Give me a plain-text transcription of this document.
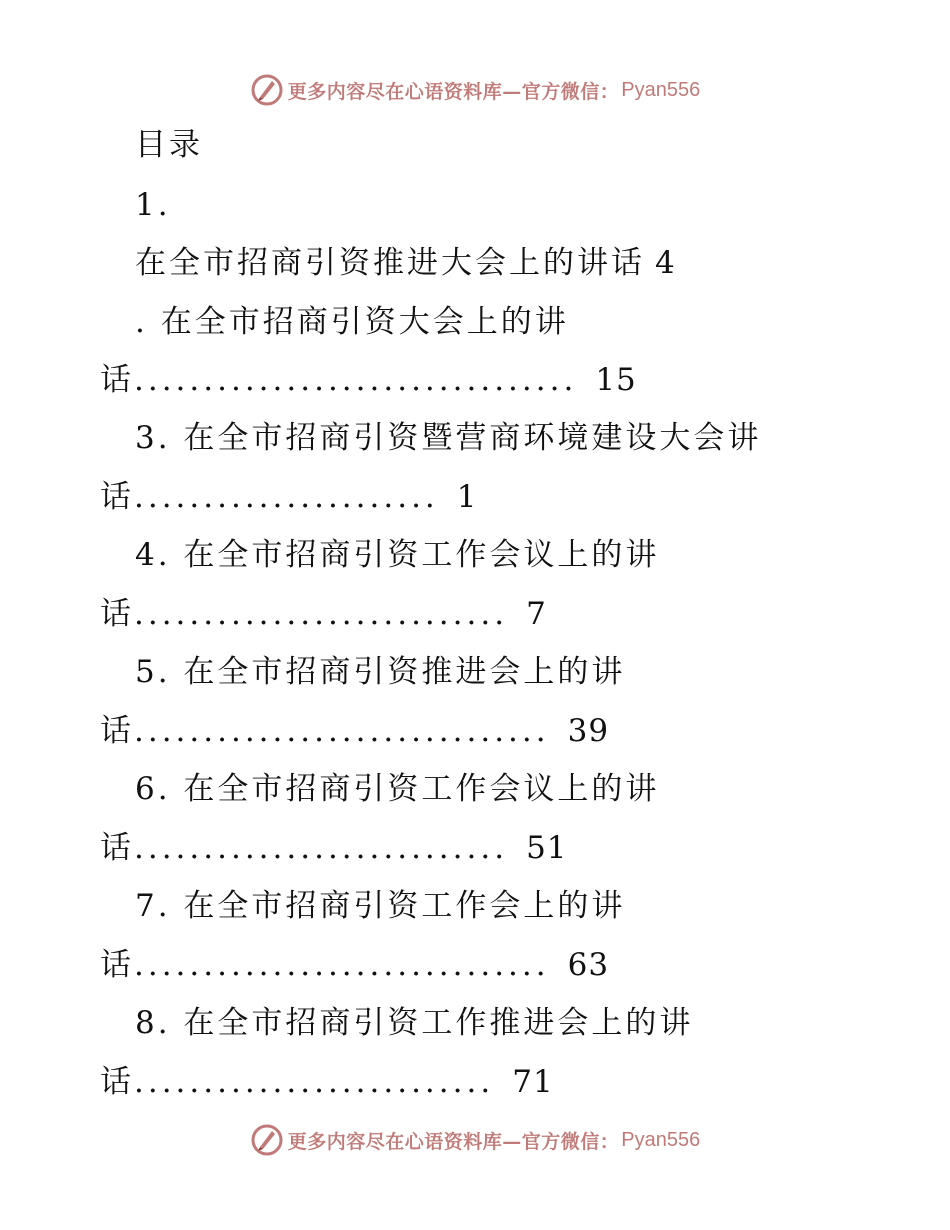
更多内容尽在心语资料库—官方微信： Pyan556
目录
1.
在全市招商引资推进大会上的讲话 4
. 在全市招商引资大会上的讲
话................................ 15
3. 在全市招商引资暨营商环境建设大会讲
话...................... 1
4. 在全市招商引资工作会议上的讲
话........................... 7
5. 在全市招商引资推进会上的讲
话.............................. 39
6. 在全市招商引资工作会议上的讲
话........................... 51
7. 在全市招商引资工作会上的讲
话.............................. 63
8. 在全市招商引资工作推进会上的讲
话.......................... 71
更多内容尽在心语资料库—官方微信： Pyan556
